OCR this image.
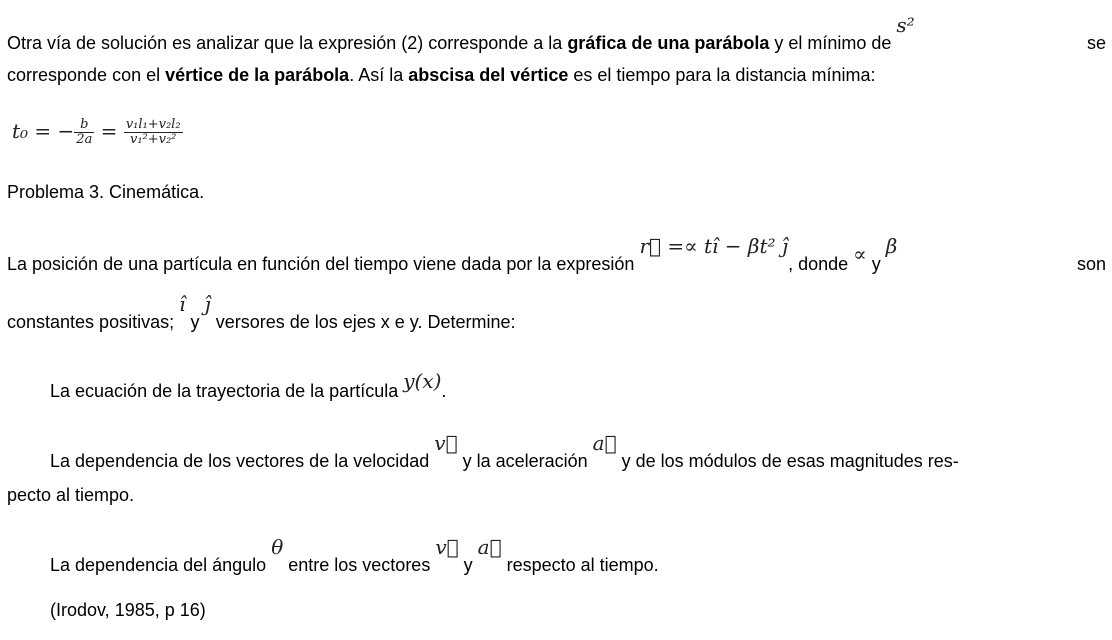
Otra vía de solución es analizar que la expresión (2) corresponde a la gráfica de una parábola y el mínimo de s²
se
corresponde con el vértice de la parábola. Así la abscisa del vértice es el tiempo para la distancia mínima:
t₀ = − $\frac{b}{2a} = \frac{\text{v₁l₁+v₂l₂}}{\text{v₁²+v₂²}}$
Problema 3. Cinemática.
La posición de una partícula en función del tiempo viene dada por la expresión r⃗ =∝ tî − βt² ĵ, donde ∝ y β
son
constantes positivas; î y ĵ versores de los ejes x e y. Determine:
La ecuación de la trayectoria de la partícula y(x).
La dependencia de los vectores de la velocidad v⃗ y la aceleración a⃗ y de los módulos de esas magnitudes res-
pecto al tiempo.
La dependencia del ángulo θ entre los vectores v⃗ y a⃗ respecto al tiempo.
(Irodov, 1985, p 16)
